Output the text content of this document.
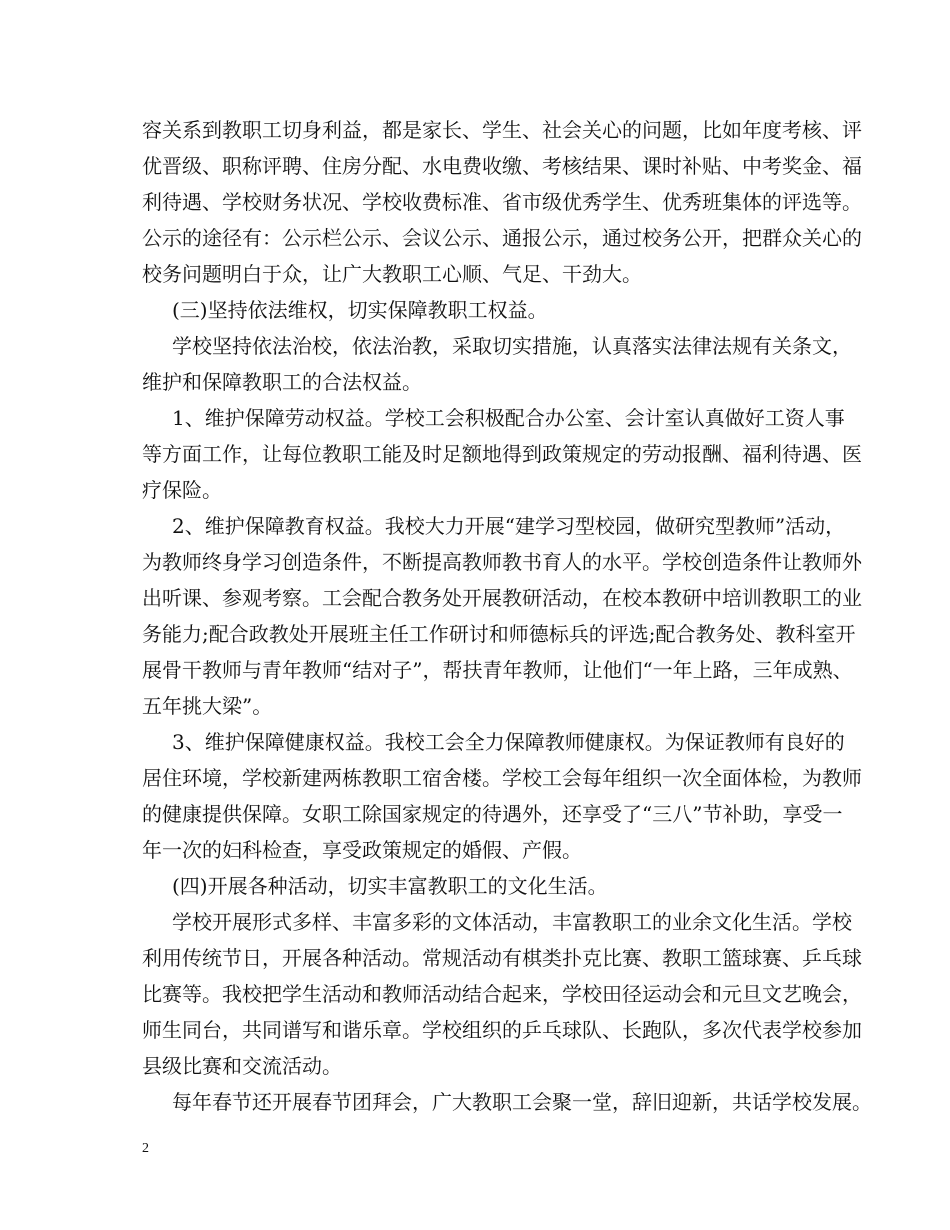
容关系到教职工切身利益，都是家长、学生、社会关心的问题，比如年度考核、评
优晋级、职称评聘、住房分配、水电费收缴、考核结果、课时补贴、中考奖金、福
利待遇、学校财务状况、学校收费标准、省市级优秀学生、优秀班集体的评选等。
公示的途径有：公示栏公示、会议公示、通报公示，通过校务公开，把群众关心的
校务问题明白于众，让广大教职工心顺、气足、干劲大。
(三)坚持依法维权，切实保障教职工权益。
学校坚持依法治校，依法治教，采取切实措施，认真落实法律法规有关条文，
维护和保障教职工的合法权益。
1、维护保障劳动权益。学校工会积极配合办公室、会计室认真做好工资人事
等方面工作，让每位教职工能及时足额地得到政策规定的劳动报酬、福利待遇、医
疗保险。
2、维护保障教育权益。我校大力开展“建学习型校园，做研究型教师”活动，
为教师终身学习创造条件，不断提高教师教书育人的水平。学校创造条件让教师外
出听课、参观考察。工会配合教务处开展教研活动，在校本教研中培训教职工的业
务能力;配合政教处开展班主任工作研讨和师德标兵的评选;配合教务处、教科室开
展骨干教师与青年教师“结对子”，帮扶青年教师，让他们“一年上路，三年成熟、
五年挑大梁”。
3、维护保障健康权益。我校工会全力保障教师健康权。为保证教师有良好的
居住环境，学校新建两栋教职工宿舍楼。学校工会每年组织一次全面体检，为教师
的健康提供保障。女职工除国家规定的待遇外，还享受了“三八”节补助，享受一
年一次的妇科检查，享受政策规定的婚假、产假。
(四)开展各种活动，切实丰富教职工的文化生活。
学校开展形式多样、丰富多彩的文体活动，丰富教职工的业余文化生活。学校
利用传统节日，开展各种活动。常规活动有棋类扑克比赛、教职工篮球赛、乒乓球
比赛等。我校把学生活动和教师活动结合起来，学校田径运动会和元旦文艺晚会，
师生同台，共同谱写和谐乐章。学校组织的乒乓球队、长跑队，多次代表学校参加
县级比赛和交流活动。
每年春节还开展春节团拜会，广大教职工会聚一堂，辞旧迎新，共话学校发展。
2
